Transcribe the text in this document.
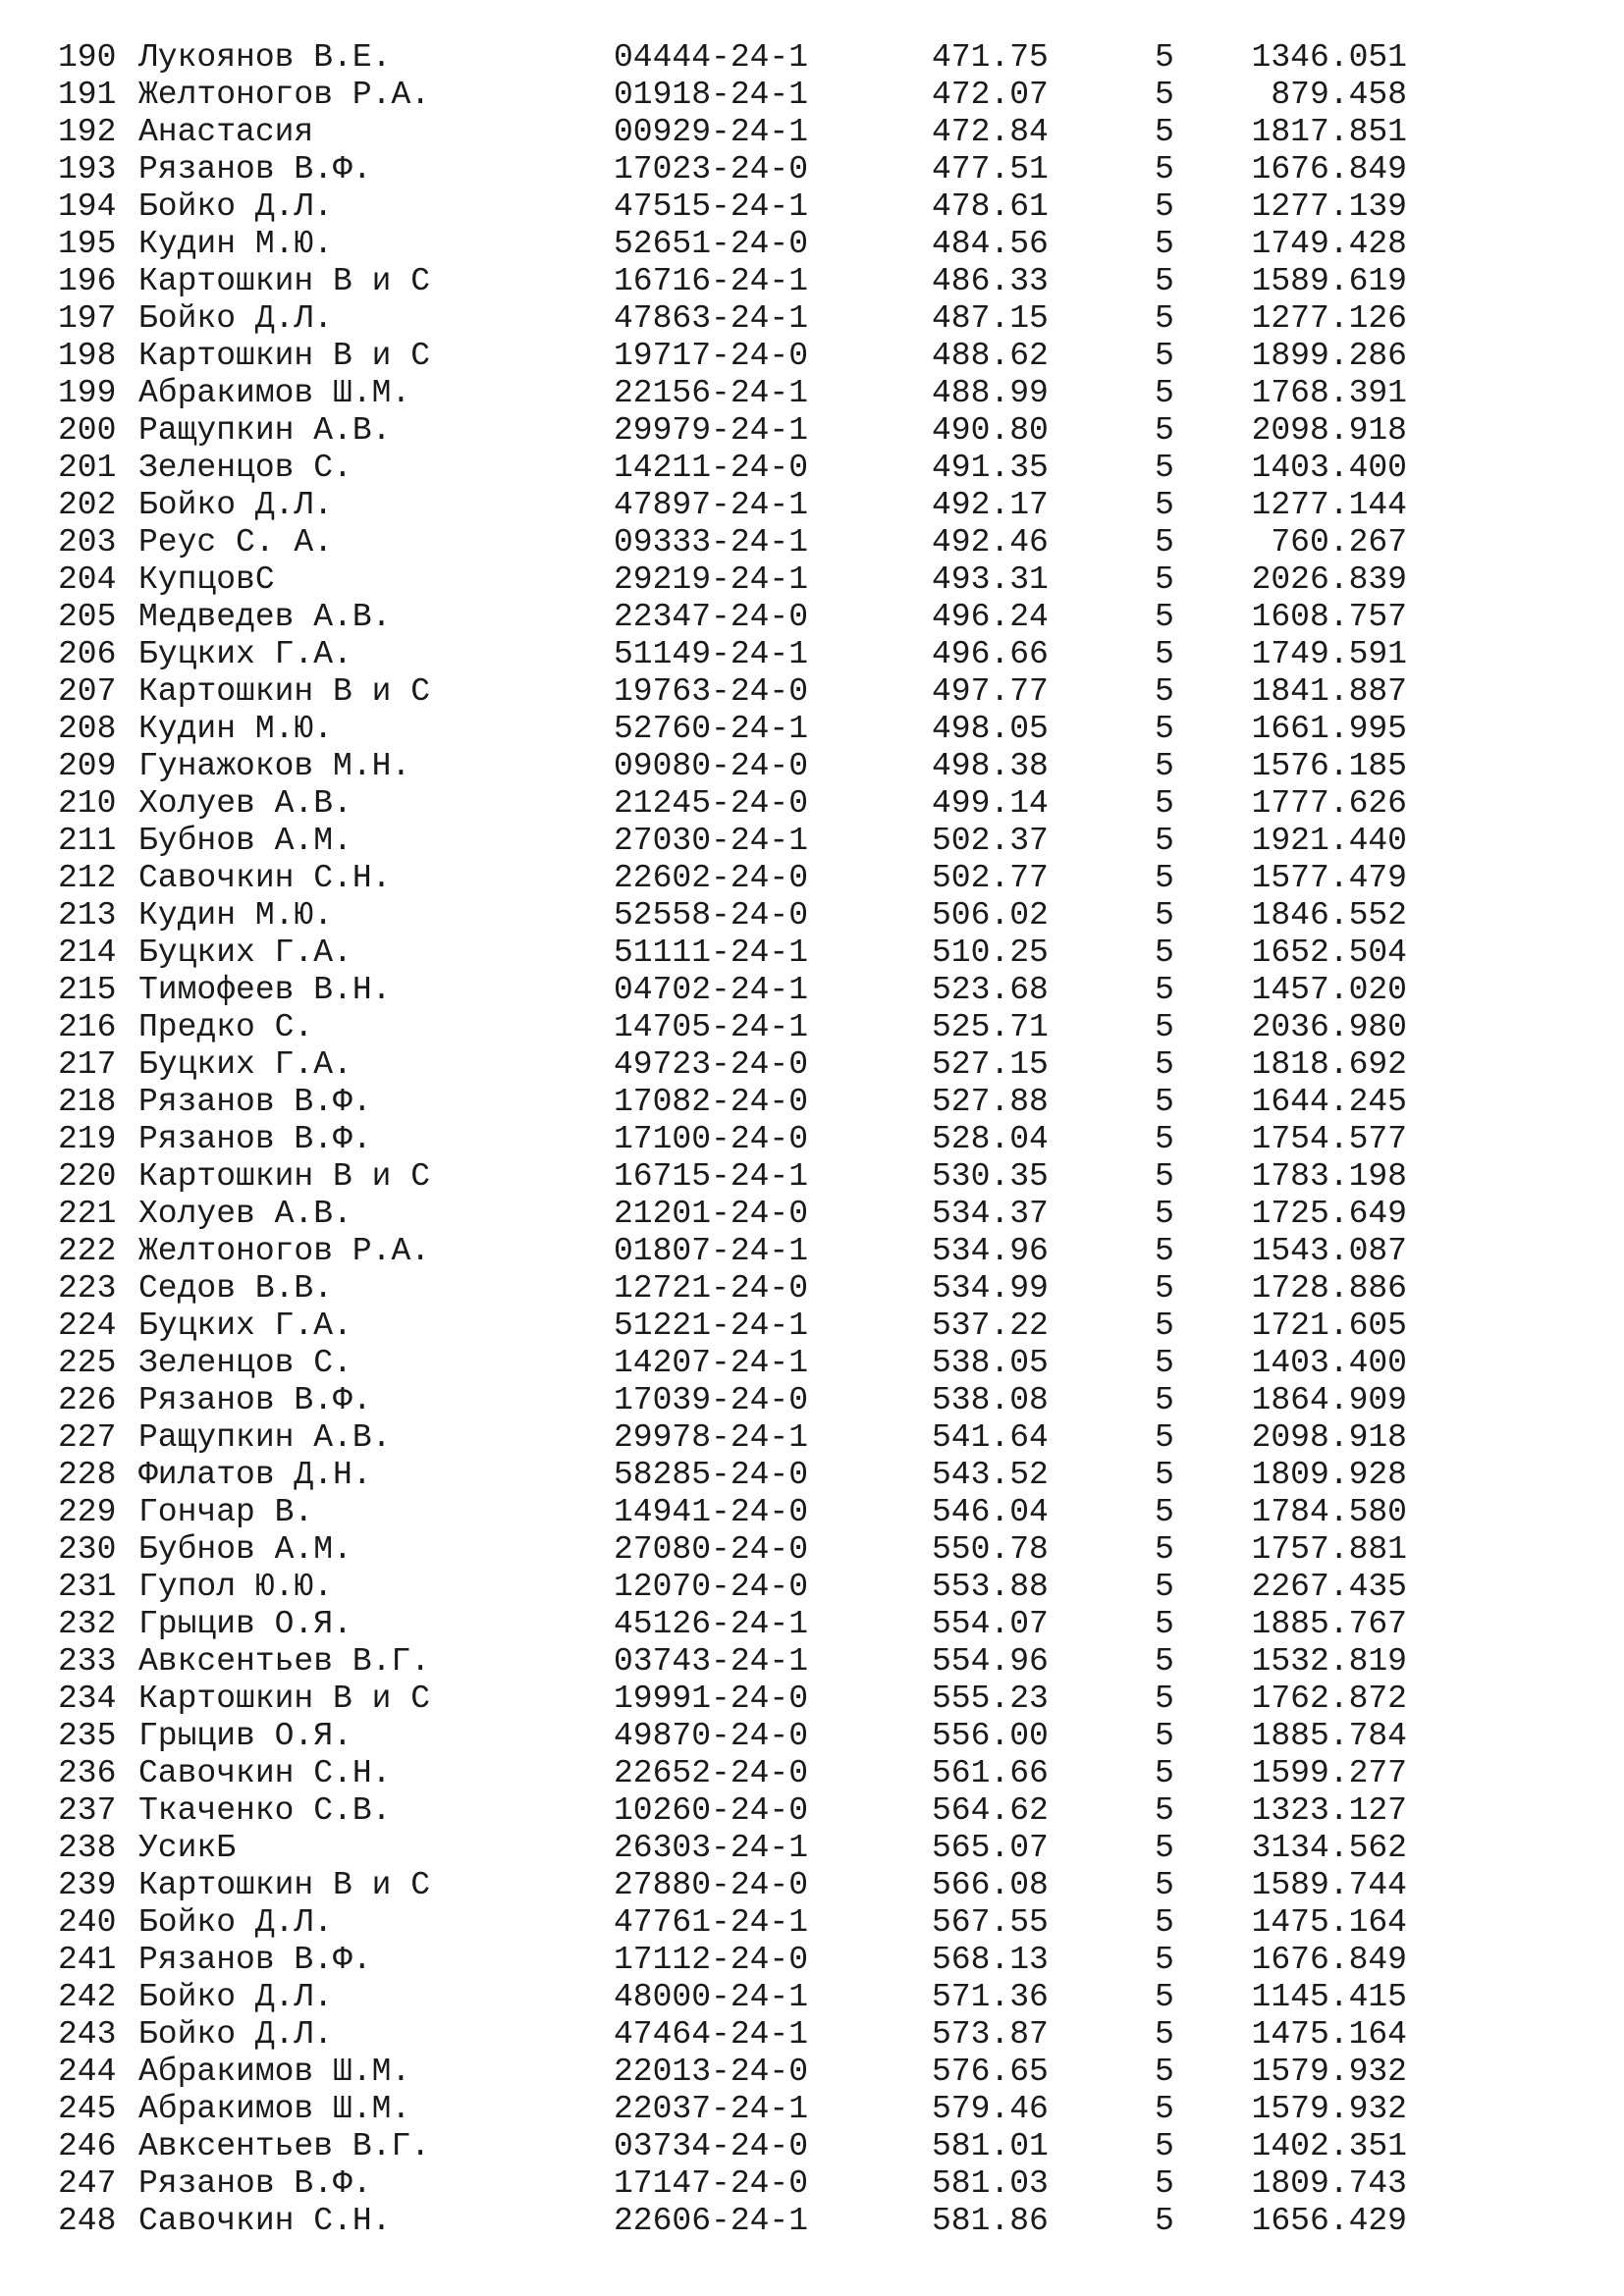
190 Лукоянов В.Е.	04444-24-1	471.75	5 1346.051
191 Желтоногов Р.А.	01918-24-1	472.07	5	879.458
192 Анастасия	00929-24-1	472.84	5 1817.851
193 Рязанов В.Ф.	17023-24-0	477.51	5 1676.849
194 Бойко Д.Л.	47515-24-1	478.61	5 1277.139
195 Кудин М.Ю.	52651-24-0	484.56	5 1749.428
196 Картошкин В и С	16716-24-1	486.33	5 1589.619
197 Бойко Д.Л.	47863-24-1	487.15	5 1277.126
198 Картошкин В и С	19717-24-0	488.62	5 1899.286
199 Абракимов Ш.М.	22156-24-1	488.99	5 1768.391
200 Ращупкин А.В.	29979-24-1	490.80	5 2098.918
201 Зеленцов С.	14211-24-0	491.35	5 1403.400
202 Бойко Д.Л.	47897-24-1	492.17	5 1277.144
203 Реус С. А.	09333-24-1	492.46	5	760.267
204 КупцовС	29219-24-1	493.31	5 2026.839
205 Медведев А.В.	22347-24-0	496.24	5 1608.757
206 Буцких Г.А.	51149-24-1	496.66	5 1749.591
207 Картошкин В и С	19763-24-0	497.77	5 1841.887
208 Кудин М.Ю.	52760-24-1	498.05	5 1661.995
209 Гунажоков М.Н.	09080-24-0	498.38	5 1576.185
210 Холуев А.В.	21245-24-0	499.14	5 1777.626
211 Бубнов А.М.	27030-24-1	502.37	5 1921.440
212 Савочкин С.Н.	22602-24-0	502.77	5 1577.479
213 Кудин М.Ю.	52558-24-0	506.02	5 1846.552
214 Буцких Г.А.	51111-24-1	510.25	5 1652.504
215 Тимофеев В.Н.	04702-24-1	523.68	5 1457.020
216 Предко С.	14705-24-1	525.71	5 2036.980
217 Буцких Г.А.	49723-24-0	527.15	5 1818.692
218 Рязанов В.Ф.	17082-24-0	527.88	5 1644.245
219 Рязанов В.Ф.	17100-24-0	528.04	5 1754.577
220 Картошкин В и С	16715-24-1	530.35	5 1783.198
221 Холуев А.В.	21201-24-0	534.37	5 1725.649
222 Желтоногов Р.А.	01807-24-1	534.96	5 1543.087
223 Седов В.В.	12721-24-0	534.99	5 1728.886
224 Буцких Г.А.	51221-24-1	537.22	5 1721.605
225 Зеленцов С.	14207-24-1	538.05	5 1403.400
226 Рязанов В.Ф.	17039-24-0	538.08	5 1864.909
227 Ращупкин А.В.	29978-24-1	541.64	5 2098.918
228 Филатов Д.Н.	58285-24-0	543.52	5 1809.928
229 Гончар В.	14941-24-0	546.04	5 1784.580
230 Бубнов А.М.	27080-24-0	550.78	5 1757.881
231 Гупол Ю.Ю.	12070-24-0	553.88	5 2267.435
232 Грыцив О.Я.	45126-24-1	554.07	5 1885.767
233 Авксентьев В.Г.	03743-24-1	554.96	5 1532.819
234 Картошкин В и С	19991-24-0	555.23	5 1762.872
235 Грыцив О.Я.	49870-24-0	556.00	5 1885.784
236 Савочкин С.Н.	22652-24-0	561.66	5 1599.277
237 Ткаченко С.В.	10260-24-0	564.62	5 1323.127
238 УсикБ	26303-24-1	565.07	5 3134.562
239 Картошкин В и С	27880-24-0	566.08	5 1589.744
240 Бойко Д.Л.	47761-24-1	567.55	5 1475.164
241 Рязанов В.Ф.	17112-24-0	568.13	5 1676.849
242 Бойко Д.Л.	48000-24-1	571.36	5 1145.415
243 Бойко Д.Л.	47464-24-1	573.87	5 1475.164
244 Абракимов Ш.М.	22013-24-0	576.65	5 1579.932
245 Абракимов Ш.М.	22037-24-1	579.46	5 1579.932
246 Авксентьев В.Г.	03734-24-0	581.01	5 1402.351
247 Рязанов В.Ф.	17147-24-0	581.03	5 1809.743
248 Савочкин С.Н.	22606-24-1	581.86	5 1656.429
